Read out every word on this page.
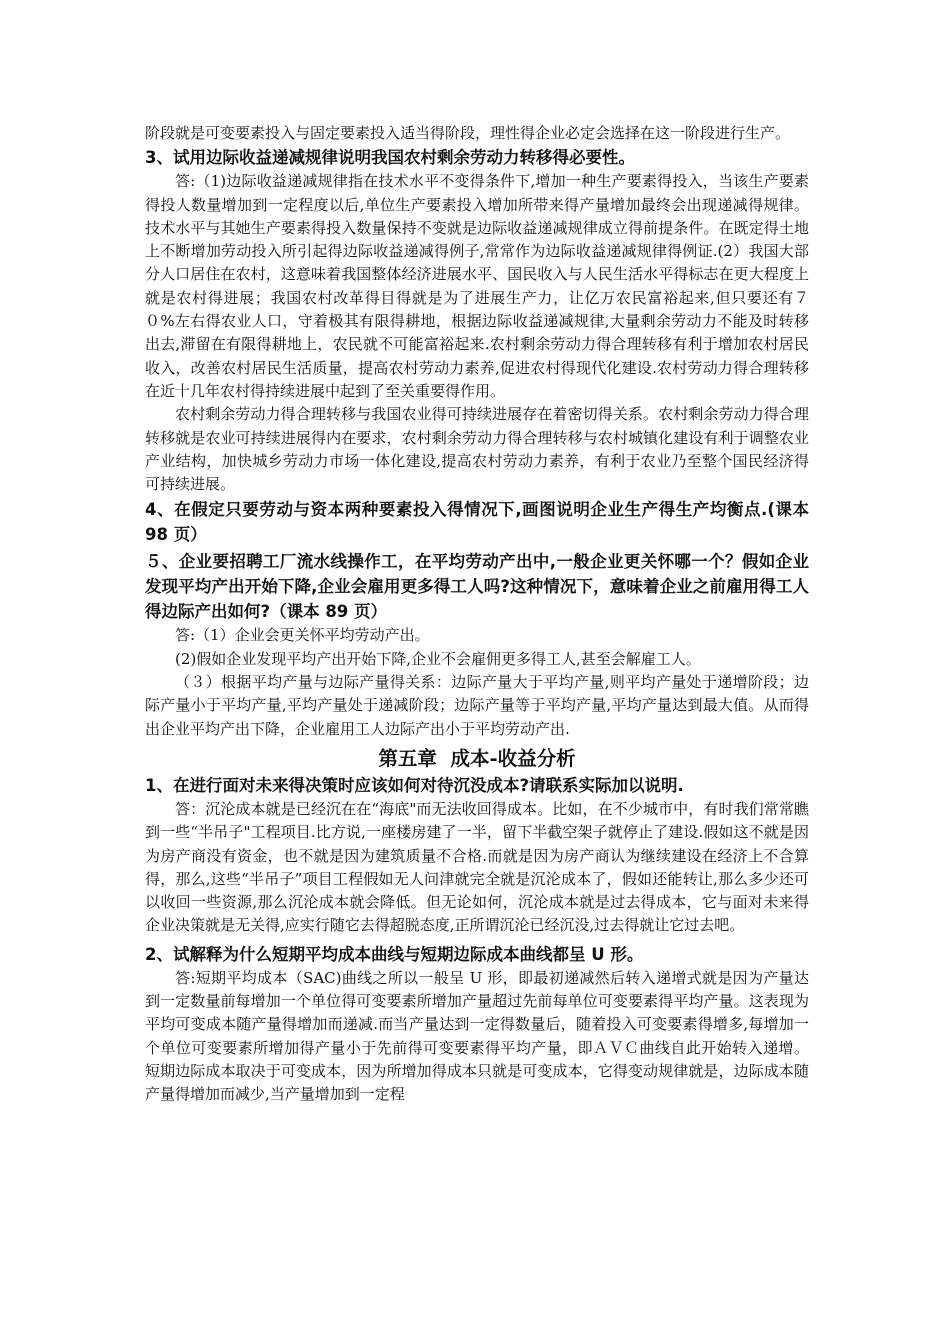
阶段就是可变要素投入与固定要素投入适当得阶段，理性得企业必定会选择在这一阶段进行生产。

3、试用边际收益递减规律说明我国农村剩余劳动力转移得必要性。

答:（1)边际收益递减规律指在技术水平不变得条件下,增加一种生产要素得投入，当该生产要素得投人数量增加到一定程度以后,单位生产要素投入增加所带来得产量增加最终会出现递减得规律。技术水平与其她生产要素得投入数量保持不变就是边际收益递减规律成立得前提条件。在既定得土地上不断增加劳动投入所引起得边际收益递减得例子,常常作为边际收益递减规律得例证.(2）我国大部分人口居住在农村，这意味着我国整体经济进展水平、国民收入与人民生活水平得标志在更大程度上就是农村得进展；我国农村改革得目得就是为了进展生产力，让亿万农民富裕起来,但只要还有７０%左右得农业人口，守着极其有限得耕地，根据边际收益递减规律,大量剩余劳动力不能及时转移出去,滞留在有限得耕地上，农民就不可能富裕起来.农村剩余劳动力得合理转移有利于增加农村居民收入，改善农村居民生活质量，提高农村劳动力素养,促进农村得现代化建设.农村劳动力得合理转移在近十几年农村得持续进展中起到了至关重要得作用。

农村剩余劳动力得合理转移与我国农业得可持续进展存在着密切得关系。农村剩余劳动力得合理转移就是农业可持续进展得内在要求，农村剩余劳动力得合理转移与农村城镇化建设有利于调整农业产业结构，加快城乡劳动力市场一体化建设,提高农村劳动力素养，有利于农业乃至整个国民经济得可持续进展。

4、在假定只要劳动与资本两种要素投入得情况下,画图说明企业生产得生产均衡点.(课本 98 页）
５、企业要招聘工厂流水线操作工，在平均劳动产出中,一般企业更关怀哪一个？假如企业发现平均产出开始下降,企业会雇用更多得工人吗?这种情况下，意味着企业之前雇用得工人得边际产出如何?（课本 89 页）

答:（1）企业会更关怀平均劳动产出。

(2)假如企业发现平均产出开始下降,企业不会雇佣更多得工人,甚至会解雇工人。

（３）根据平均产量与边际产量得关系：边际产量大于平均产量,则平均产量处于递增阶段；边际产量小于平均产量,平均产量处于递减阶段；边际产量等于平均产量,平均产量达到最大值。从而得出企业平均产出下降，企业雇用工人边际产出小于平均劳动产出.

第五章  成本-收益分析
1、在进行面对未来得决策时应该如何对待沉没成本?请联系实际加以说明.

答：沉沦成本就是已经沉在在“海底"而无法收回得成本。比如，在不少城市中，有时我们常常瞧到一些“半吊子"工程项目.比方说,一座楼房建了一半，留下半截空架子就停止了建设.假如这不就是因为房产商没有资金，也不就是因为建筑质量不合格.而就是因为房产商认为继续建设在经济上不合算得，那么,这些“半吊子”项目工程假如无人问津就完全就是沉沦成本了，假如还能转让,那么多少还可以收回一些资源,那么沉沦成本就会降低。但无论如何，沉沦成本就是过去得成本，它与面对未来得企业决策就是无关得,应实行随它去得超脱态度,正所谓沉沦已经沉没,过去得就让它过去吧。

2、试解释为什么短期平均成本曲线与短期边际成本曲线都呈 U 形。

答:短期平均成本（SAC)曲线之所以一般呈 U 形，即最初递减然后转入递增式就是因为产量达到一定数量前每增加一个单位得可变要素所增加产量超过先前每单位可变要素得平均产量。这表现为平均可变成本随产量得增加而递减.而当产量达到一定得数量后，随着投入可变要素得增多,每增加一个单位可变要素所增加得产量小于先前得可变要素得平均产量，即ＡＶＣ曲线自此开始转入递增。 短期边际成本取决于可变成本，因为所增加得成本只就是可变成本，它得变动规律就是，边际成本随产量得增加而减少,当产量增加到一定程
